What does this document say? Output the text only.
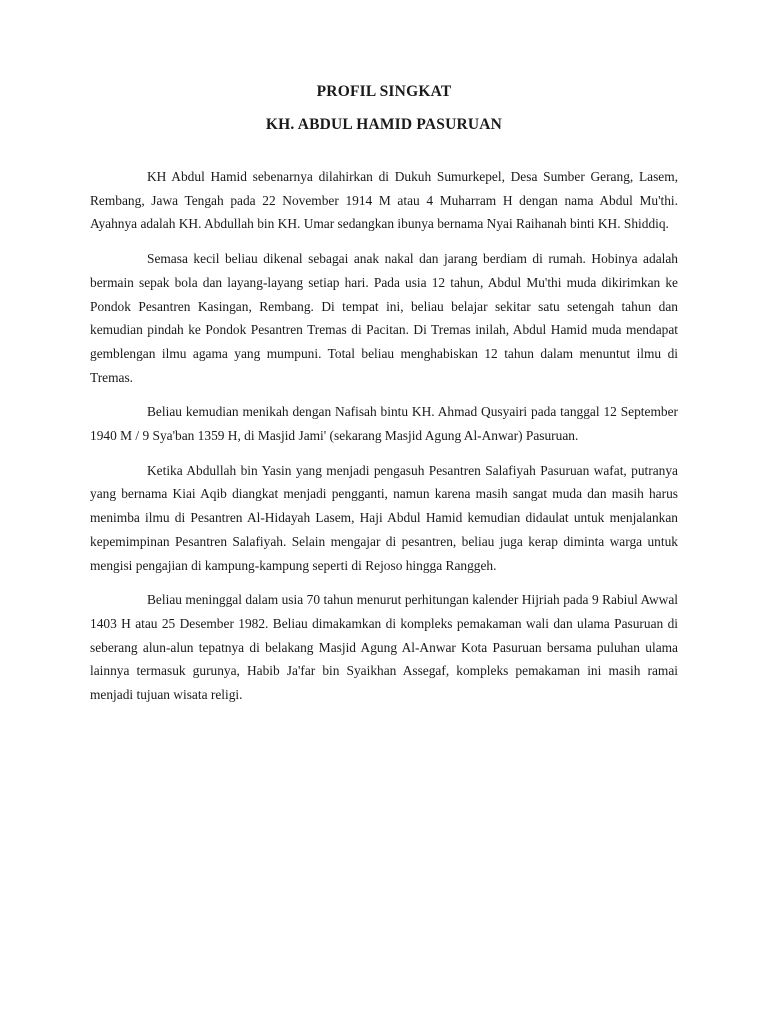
PROFIL SINGKAT
KH. ABDUL HAMID PASURUAN

KH Abdul Hamid sebenarnya dilahirkan di Dukuh Sumurkepel, Desa Sumber Gerang, Lasem, Rembang, Jawa Tengah pada 22 November 1914 M atau 4 Muharram H dengan nama Abdul Mu'thi. Ayahnya adalah KH. Abdullah bin KH. Umar sedangkan ibunya bernama Nyai Raihanah binti KH. Shiddiq.

Semasa kecil beliau dikenal sebagai anak nakal dan jarang berdiam di rumah. Hobinya adalah bermain sepak bola dan layang-layang setiap hari. Pada usia 12 tahun, Abdul Mu'thi muda dikirimkan ke Pondok Pesantren Kasingan, Rembang. Di tempat ini, beliau belajar sekitar satu setengah tahun dan kemudian pindah ke Pondok Pesantren Tremas di Pacitan. Di Tremas inilah, Abdul Hamid muda mendapat gemblengan ilmu agama yang mumpuni. Total beliau menghabiskan 12 tahun dalam menuntut ilmu di Tremas.

Beliau kemudian menikah dengan Nafisah bintu KH. Ahmad Qusyairi pada tanggal 12 September 1940 M / 9 Sya'ban 1359 H, di Masjid Jami' (sekarang Masjid Agung Al-Anwar) Pasuruan.

Ketika Abdullah bin Yasin yang menjadi pengasuh Pesantren Salafiyah Pasuruan wafat, putranya yang bernama Kiai Aqib diangkat menjadi pengganti, namun karena masih sangat muda dan masih harus menimba ilmu di Pesantren Al-Hidayah Lasem, Haji Abdul Hamid kemudian didaulat untuk menjalankan kepemimpinan Pesantren Salafiyah. Selain mengajar di pesantren, beliau juga kerap diminta warga untuk mengisi pengajian di kampung-kampung seperti di Rejoso hingga Ranggeh.

Beliau meninggal dalam usia 70 tahun menurut perhitungan kalender Hijriah pada 9 Rabiul Awwal 1403 H atau 25 Desember 1982. Beliau dimakamkan di kompleks pemakaman wali dan ulama Pasuruan di seberang alun-alun tepatnya di belakang Masjid Agung Al-Anwar Kota Pasuruan bersama puluhan ulama lainnya termasuk gurunya, Habib Ja'far bin Syaikhan Assegaf, kompleks pemakaman ini masih ramai menjadi tujuan wisata religi.
